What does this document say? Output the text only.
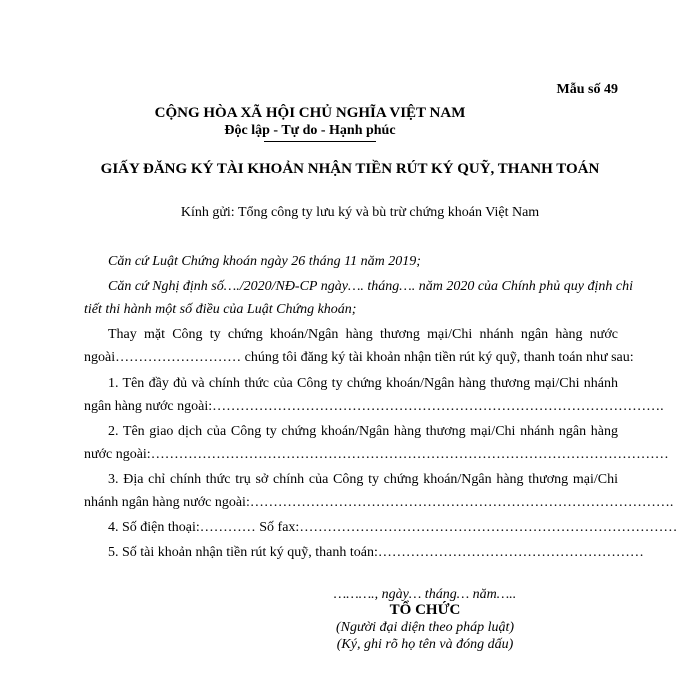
Mẫu số 49
CỘNG HÒA XÃ HỘI CHỦ NGHĨA VIỆT NAM
Độc lập - Tự do - Hạnh phúc
GIẤY ĐĂNG KÝ TÀI KHOẢN NHẬN TIỀN RÚT KÝ QUỸ, THANH TOÁN
Kính gửi: Tổng công ty lưu ký và bù trừ chứng khoán Việt Nam
Căn cứ Luật Chứng khoán ngày 26 tháng 11 năm 2019;
Căn cứ Nghị định số…./2020/NĐ-CP ngày…. tháng…. năm 2020 của Chính phủ quy định chi
tiết thi hành một số điều của Luật Chứng khoán;
Thay mặt Công ty chứng khoán/Ngân hàng thương mại/Chi nhánh ngân hàng nước
ngoài……………………… chúng tôi đăng ký tài khoản nhận tiền rút ký quỹ, thanh toán như sau:
1. Tên đầy đủ và chính thức của Công ty chứng khoán/Ngân hàng thương mại/Chi nhánh
ngân hàng nước ngoài:…………………………………………………………………………………….
2. Tên giao dịch của Công ty chứng khoán/Ngân hàng thương mại/Chi nhánh ngân hàng
nước ngoài:…………………………………………………………………………………………………
3. Địa chỉ chính thức trụ sở chính của Công ty chứng khoán/Ngân hàng thương mại/Chi
nhánh ngân hàng nước ngoài:……………………………………………………………………………….
4. Số điện thoại:………… Số fax:………………………………………………………………………
5. Số tài khoản nhận tiền rút ký quỹ, thanh toán:…………………………………………………
………., ngày… tháng… năm…..
TỔ CHỨC
(Người đại diện theo pháp luật)
(Ký, ghi rõ họ tên và đóng dấu)
